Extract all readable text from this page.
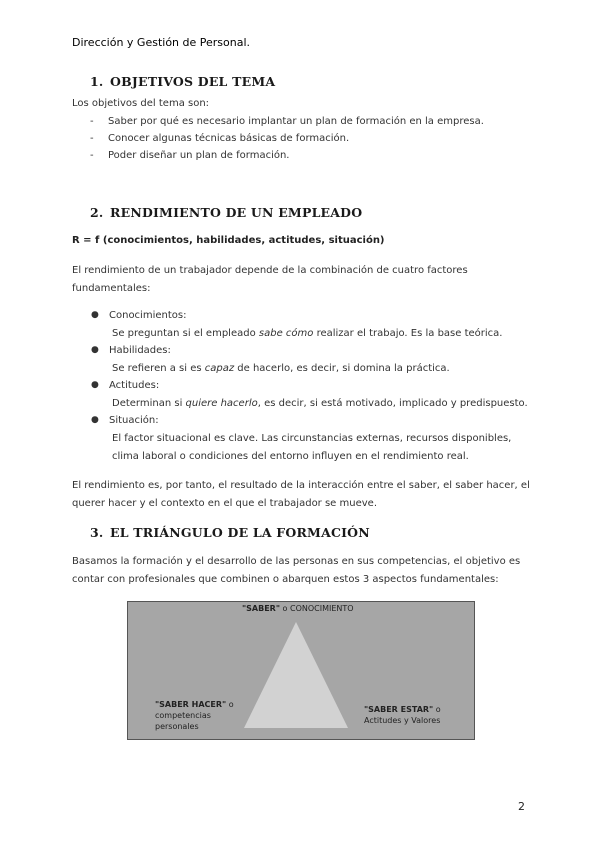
Dirección y Gestión de Personal.
1. OBJETIVOS DEL TEMA
Los objetivos del tema son:
- Saber por qué es necesario implantar un plan de formación en la empresa.
- Conocer algunas técnicas básicas de formación.
- Poder diseñar un plan de formación.
2. RENDIMIENTO DE UN EMPLEADO
R = f (conocimientos, habilidades, actitudes, situación)
El rendimiento de un trabajador depende de la combinación de cuatro factores
fundamentales:
● Conocimientos:
Se preguntan si el empleado sabe cómo realizar el trabajo. Es la base teórica.
● Habilidades:
Se refieren a si es capaz de hacerlo, es decir, si domina la práctica.
● Actitudes:
Determinan si quiere hacerlo, es decir, si está motivado, implicado y predispuesto.
● Situación:
El factor situacional es clave. Las circunstancias externas, recursos disponibles,
clima laboral o condiciones del entorno influyen en el rendimiento real.
El rendimiento es, por tanto, el resultado de la interacción entre el saber, el saber hacer, el
querer hacer y el contexto en el que el trabajador se mueve.
3. EL TRIÁNGULO DE LA FORMACIÓN
Basamos la formación y el desarrollo de las personas en sus competencias, el objetivo es
contar con profesionales que combinen o abarquen estos 3 aspectos fundamentales:
"SABER" o CONOCIMIENTO
"SABER HACER" o
competencias
personales
"SABER ESTAR" o
Actitudes y Valores
2
